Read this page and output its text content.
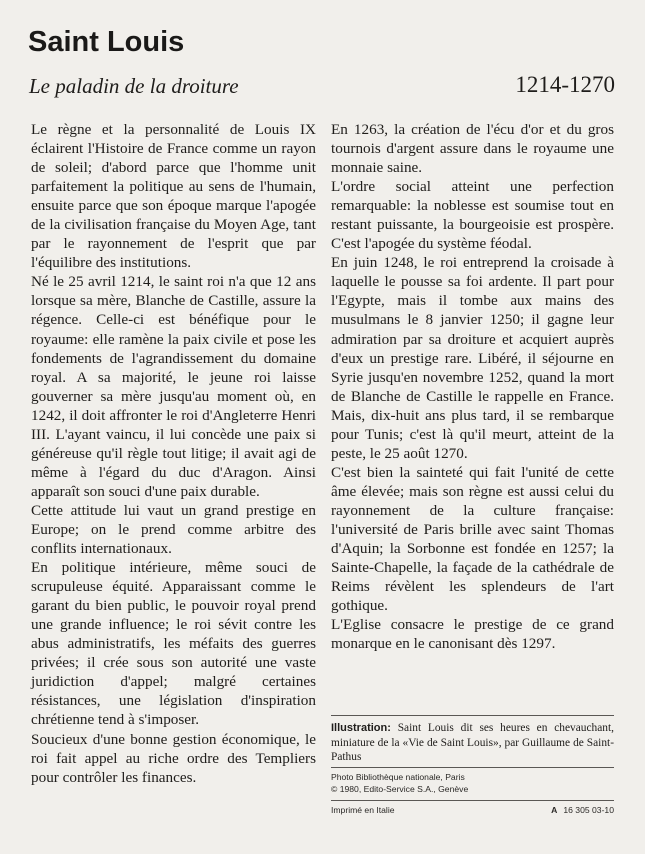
Saint Louis
Le paladin de la droiture	1214-1270

Le règne et la personnalité de Louis IX éclairent l'Histoire de France comme un rayon de soleil; d'abord parce que l'homme unit parfaitement la politique au sens de l'humain, ensuite parce que son époque marque l'apogée de la civilisation française du Moyen Age, tant par le rayonnement de l'esprit que par l'équilibre des institutions.

Né le 25 avril 1214, le saint roi n'a que 12 ans lorsque sa mère, Blanche de Castille, assure la régence. Celle-ci est bénéfique pour le royaume: elle ramène la paix civile et pose les fondements de l'agrandissement du domaine royal. A sa majorité, le jeune roi laisse gouverner sa mère jusqu'au moment où, en 1242, il doit affronter le roi d'Angleterre Henri III. L'ayant vaincu, il lui concède une paix si généreuse qu'il règle tout litige; il avait agi de même à l'égard du duc d'Aragon. Ainsi apparaît son souci d'une paix durable.

Cette attitude lui vaut un grand prestige en Europe; on le prend comme arbitre des conflits internationaux.

En politique intérieure, même souci de scrupuleuse équité. Apparaissant comme le garant du bien public, le pouvoir royal prend une grande influence; le roi sévit contre les abus administratifs, les méfaits des guerres privées; il crée sous son autorité une vaste juridiction d'appel; malgré certaines résistances, une législation d'inspiration chrétienne tend à s'imposer.

Soucieux d'une bonne gestion économique, le roi fait appel au riche ordre des Templiers pour contrôler les finances.

En 1263, la création de l'écu d'or et du gros tournois d'argent assure dans le royaume une monnaie saine.

L'ordre social atteint une perfection remarquable: la noblesse est soumise tout en restant puissante, la bourgeoisie est prospère. C'est l'apogée du système féodal.

En juin 1248, le roi entreprend la croisade à laquelle le pousse sa foi ardente. Il part pour l'Egypte, mais il tombe aux mains des musulmans le 8 janvier 1250; il gagne leur admiration par sa droiture et acquiert auprès d'eux un prestige rare. Libéré, il séjourne en Syrie jusqu'en novembre 1252, quand la mort de Blanche de Castille le rappelle en France. Mais, dix-huit ans plus tard, il se rembarque pour Tunis; c'est là qu'il meurt, atteint de la peste, le 25 août 1270.

C'est bien la sainteté qui fait l'unité de cette âme élevée; mais son règne est aussi celui du rayonnement de la culture française: l'université de Paris brille avec saint Thomas d'Aquin; la Sorbonne est fondée en 1257; la Sainte-Chapelle, la façade de la cathédrale de Reims révèlent les splendeurs de l'art gothique.

L'Eglise consacre le prestige de ce grand monarque en le canonisant dès 1297.

Illustration: Saint Louis dit ses heures en chevauchant, miniature de la «Vie de Saint Louis», par Guillaume de Saint-Pathus
Photo Bibliothèque nationale, Paris
© 1980, Edito-Service S.A., Genève
Imprimé en Italie	A 16 305 03-10
